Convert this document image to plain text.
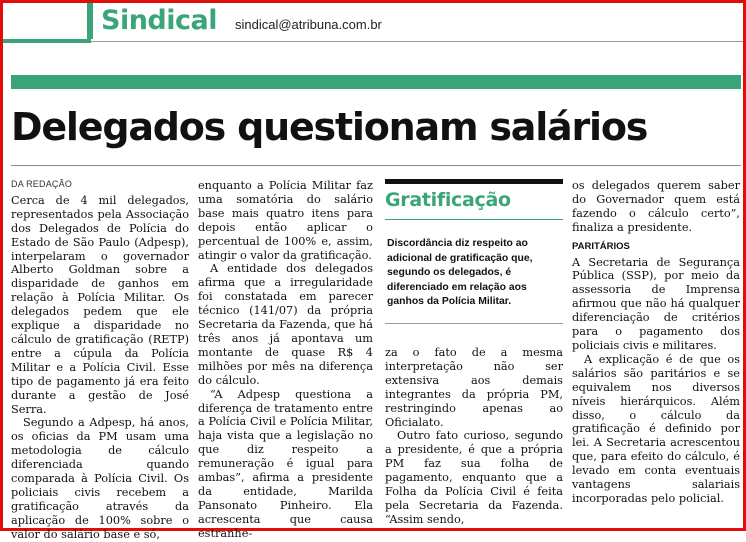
Sindical sindical@atribuna.com.br
Delegados questionam salários

DA REDAÇÃO

Cerca de 4 mil delegados, representados pela Associação dos Delegados de Polícia do Estado de São Paulo (Adpesp), interpelaram o governador Alberto Goldman sobre a disparidade de ganhos em relação à Polícia Militar. Os delegados pedem que ele explique a disparidade no cálculo de gratificação (RETP) entre a cúpula da Polícia Militar e a Polícia Civil. Esse tipo de pagamento já era feito durante a gestão de José Serra.

Segundo a Adpesp, há anos, os oficias da PM usam uma metodologia de cálculo diferenciada quando comparada à Polícia Civil. Os policiais civis recebem a gratificação através da aplicação de 100% sobre o valor do salário base e só,

enquanto a Polícia Militar faz uma somatória do salário base mais quatro itens para depois então aplicar o percentual de 100% e, assim, atingir o valor da gratificação.

A entidade dos delegados afirma que a irregularidade foi constatada em parecer técnico (141/07) da própria Secretaria da Fazenda, que há três anos já apontava um montante de quase R$ 4 milhões por mês na diferença do cálculo.

“A Adpesp questiona a diferença de tratamento entre a Polícia Civil e Polícia Militar, haja vista que a legislação no que diz respeito a remuneração é igual para ambas”, afirma a presidente da entidade, Marilda Pansonato Pinheiro. Ela acrescenta que causa estranhe-

Gratificação
Discordância diz respeito ao adicional de gratificação que, segundo os delegados, é diferenciado em relação aos ganhos da Polícia Militar.

za o fato de a mesma interpretação não ser extensiva aos demais integrantes da própria PM, restringindo apenas ao Oficialato.

Outro fato curioso, segundo a presidente, é que a própria PM faz sua folha de pagamento, enquanto que a Folha da Polícia Civil é feita pela Secretaria da Fazenda. “Assim sendo,

os delegados querem saber do Governador quem está fazendo o cálculo certo”, finaliza a presidente.

PARITÁRIOS

A Secretaria de Segurança Pública (SSP), por meio da assessoria de Imprensa afirmou que não há qualquer diferenciação de critérios para o pagamento dos policiais civis e militares.

A explicação é de que os salários são paritários e se equivalem nos diversos níveis hierárquicos. Além disso, o cálculo da gratificação é definido por lei. A Secretaria acrescentou que, para efeito do cálculo, é levado em conta eventuais vantagens salariais incorporadas pelo policial.
